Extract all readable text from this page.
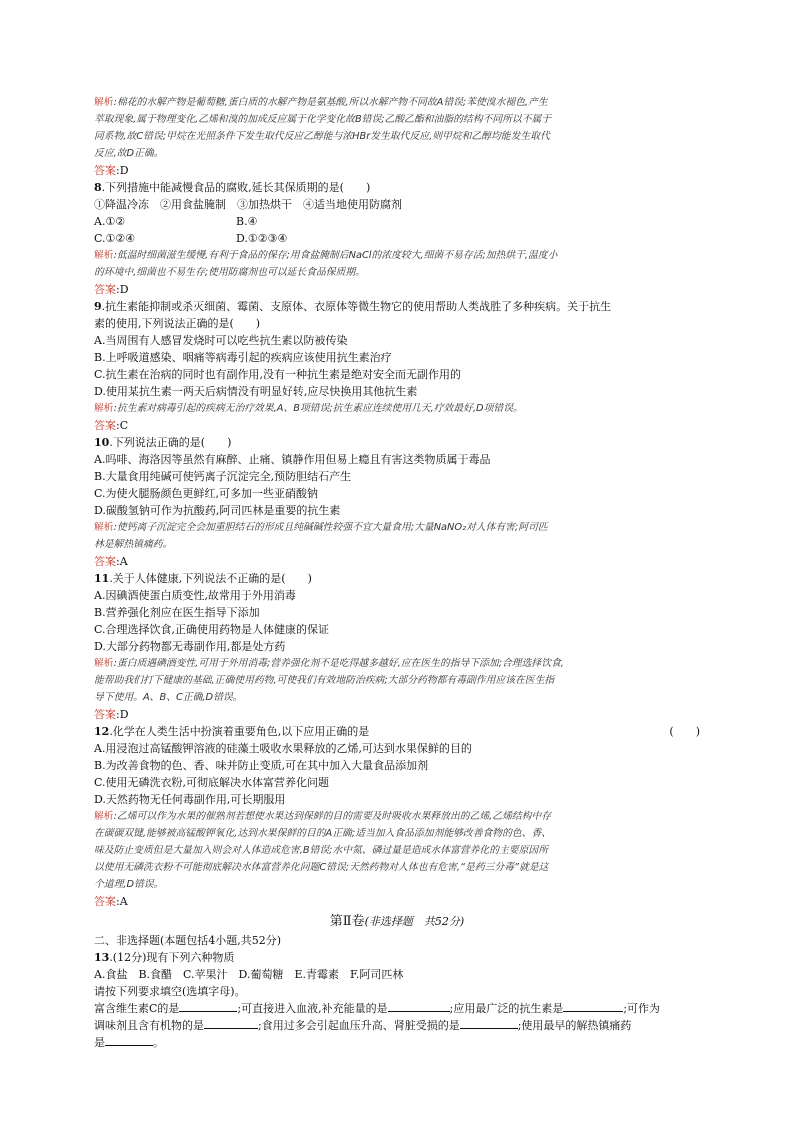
解析:棉花的水解产物是葡萄糖,蛋白质的水解产物是氨基酸,所以水解产物不同故A错误;苯使溴水褪色,产生
萃取现象,属于物理变化,乙烯和溴的加成反应属于化学变化故B错误;乙酸乙酯和油脂的结构不同所以不属于
同系物,故C错误;甲烷在光照条件下发生取代反应乙醇能与浓HBr发生取代反应,则甲烷和乙醇均能发生取代
反应,故D正确。
答案:D
8.下列措施中能减慢食品的腐败,延长其保质期的是(　　)
①降温冷冻　②用食盐腌制　③加热烘干　④适当地使用防腐剂
A.①②	B.④
C.①②④	D.①②③④
解析:低温时细菌滋生缓慢,有利于食品的保存;用食盐腌制后NaCl的浓度较大,细菌不易存活;加热烘干,温度小
的环境中,细菌也不易生存;使用防腐剂也可以延长食品保质期。
答案:D
9.抗生素能抑制或杀灭细菌、霉菌、支原体、衣原体等微生物它的使用帮助人类战胜了多种疾病。关于抗生
素的使用,下列说法正确的是(　　)
A.当周围有人感冒发烧时可以吃些抗生素以防被传染
B.上呼吸道感染、咽痛等病毒引起的疾病应该使用抗生素治疗
C.抗生素在治病的同时也有副作用,没有一种抗生素是绝对安全而无副作用的
D.使用某抗生素一两天后病情没有明显好转,应尽快换用其他抗生素
解析:抗生素对病毒引起的疾病无治疗效果,A、B项错误;抗生素应连续使用几天,疗效最好,D项错误。
答案:C
10.下列说法正确的是(　　)
A.吗啡、海洛因等虽然有麻醉、止痛、镇静作用但易上瘾且有害这类物质属于毒品
B.大量食用纯碱可使钙离子沉淀完全,预防胆结石产生
C.为使火腿肠颜色更鲜红,可多加一些亚硝酸钠
D.碳酸氢钠可作为抗酸药,阿司匹林是重要的抗生素
解析:使钙离子沉淀完全会加重胆结石的形成且纯碱碱性较强不宜大量食用;大量NaNO₂对人体有害;阿司匹
林是解热镇痛药。
答案:A
11.关于人体健康,下列说法不正确的是(　　)
A.因碘酒使蛋白质变性,故常用于外用消毒
B.营养强化剂应在医生指导下添加
C.合理选择饮食,正确使用药物是人体健康的保证
D.大部分药物都无毒副作用,都是处方药
解析:蛋白质遇碘酒变性,可用于外用消毒;营养强化剂不是吃得越多越好,应在医生的指导下添加;合理选择饮食,
能帮助我们打下健康的基础,正确使用药物,可使我们有效地防治疾病;大部分药物都有毒副作用应该在医生指
导下使用。A、B、C正确,D错误。
答案:D
12.化学在人类生活中扮演着重要角色,以下应用正确的是	(　　)
A.用浸泡过高锰酸钾溶液的硅藻土吸收水果释放的乙烯,可达到水果保鲜的目的
B.为改善食物的色、香、味并防止变质,可在其中加入大量食品添加剂
C.使用无磷洗衣粉,可彻底解决水体富营养化问题
D.天然药物无任何毒副作用,可长期服用
解析:乙烯可以作为水果的催熟剂若想使水果达到保鲜的目的需要及时吸收水果释放出的乙烯,乙烯结构中存
在碳碳双键,能够被高锰酸钾氧化,达到水果保鲜的目的A正确;适当加入食品添加剂能够改善食物的色、香、
味及防止变质但是大量加入则会对人体造成危害,B错误;水中氮、磷过量是造成水体富营养化的主要原因所
以使用无磷洗衣粉不可能彻底解决水体富营养化问题C错误;天然药物对人体也有危害,“是药三分毒”就是这
个道理,D错误。
答案:A
第Ⅱ卷(非选择题　共52分)
二、非选择题(本题包括4小题,共52分)
13.(12分)现有下列六种物质
A.食盐　B.食醋　C.苹果汁　D.葡萄糖　E.青霉素　F.阿司匹林
请按下列要求填空(选填字母)。
富含维生素C的是	;可直接进入血液,补充能量的是	;应用最广泛的抗生素是	;可作为
调味剂且含有机物的是	;食用过多会引起血压升高、肾脏受损的是	;使用最早的解热镇痛药
是	。
